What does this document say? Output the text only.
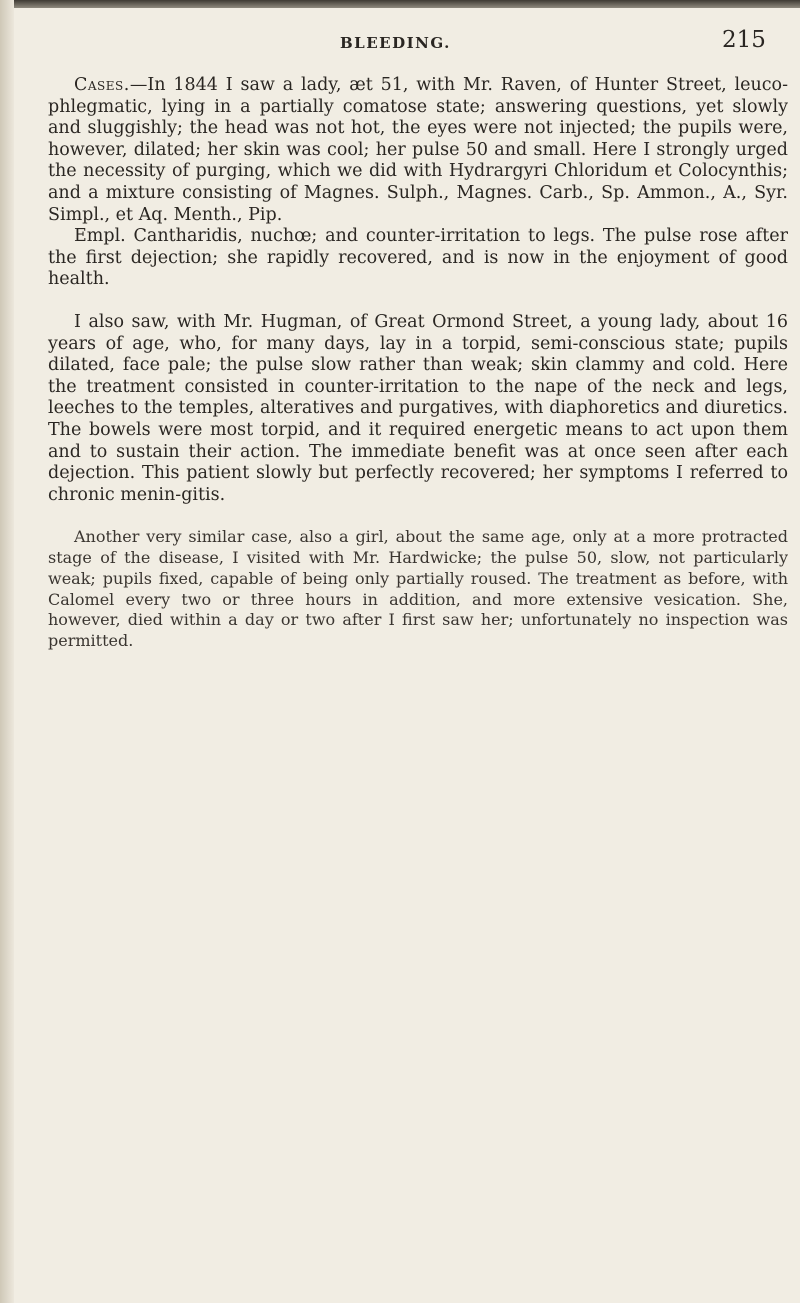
BLEEDING.	215

Cases.—In 1844 I saw a lady, æt 51, with Mr. Raven, of Hunter Street, leuco-phlegmatic, lying in a partially comatose state; answering questions, yet slowly and sluggishly; the head was not hot, the eyes were not injected; the pupils were, however, dilated; her skin was cool; her pulse 50 and small. Here I strongly urged the necessity of purging, which we did with Hydrargyri Chloridum et Colocynthis; and a mixture consisting of Magnes. Sulph., Magnes. Carb., Sp. Ammon., A., Syr. Simpl., et Aq. Menth., Pip.

Empl. Cantharidis, nuchœ; and counter-irritation to legs. The pulse rose after the first dejection; she rapidly recovered, and is now in the enjoyment of good health.

I also saw, with Mr. Hugman, of Great Ormond Street, a young lady, about 16 years of age, who, for many days, lay in a torpid, semi-conscious state; pupils dilated, face pale; the pulse slow rather than weak; skin clammy and cold. Here the treatment consisted in counter-irritation to the nape of the neck and legs, leeches to the temples, alteratives and purgatives, with diaphoretics and diuretics. The bowels were most torpid, and it required energetic means to act upon them and to sustain their action. The immediate benefit was at once seen after each dejection. This patient slowly but perfectly recovered; her symptoms I referred to chronic menin-gitis.

Another very similar case, also a girl, about the same age, only at a more protracted stage of the disease, I visited with Mr. Hardwicke; the pulse 50, slow, not particularly weak; pupils fixed, capable of being only partially roused. The treatment as before, with Calomel every two or three hours in addition, and more extensive vesication. She, however, died within a day or two after I first saw her; unfortunately no inspection was permitted.
